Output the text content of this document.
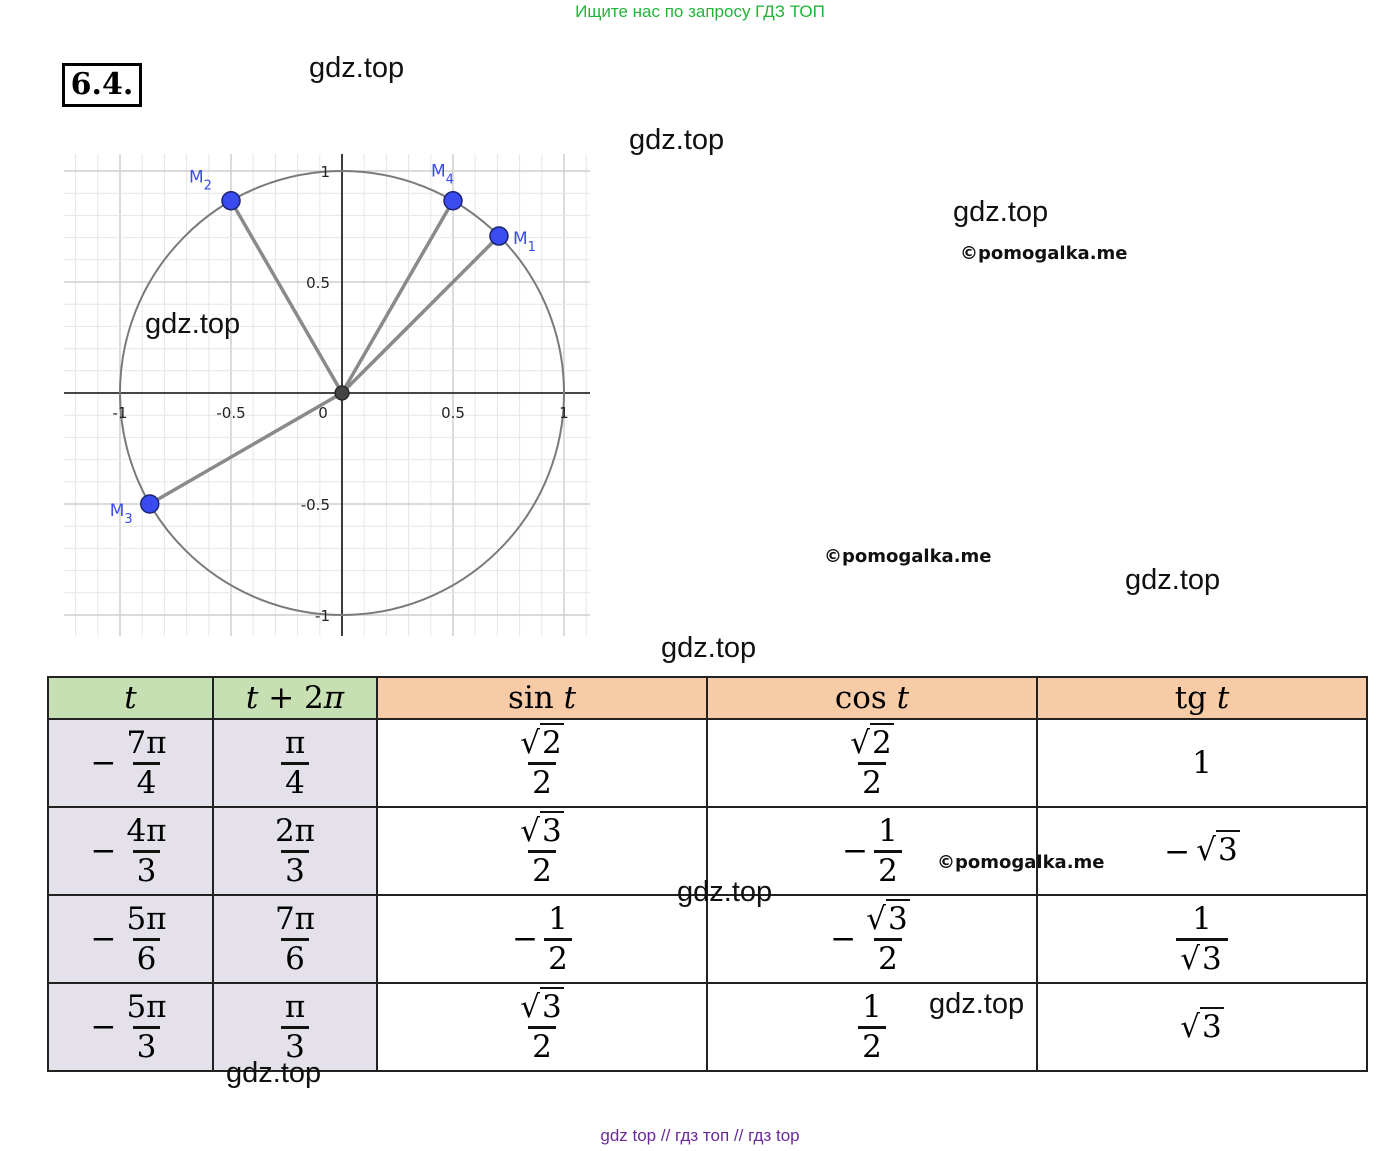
Ищите нас по запросу ГДЗ ТОП
6.4.
1
0.5
-0.5
-1
-1	-0.5	0	0.5	1
$M_1$
$M_2$
$M_3$
$M_4$
gdz.top
gdz.top
gdz.top
©pomogalka.me
gdz.top
©pomogalka.me
gdz.top
gdz.top
t	t + 2π	sin t	cos t	tg t
− $\frac{7\pi}{4}$	$\frac{\pi}{4}$	$\frac{√2}{2}$	$\frac{√2}{2}$	1
− $\frac{4\pi}{3}$	$\frac{2\pi}{3}$	$\frac{√3}{2}$	− $\frac{1}{2}$	− √3
− $\frac{5\pi}{6}$	$\frac{7\pi}{6}$	− $\frac{1}{2}$	− $\frac{√3}{2}$	$\frac{1}{√3}$

− $\frac{5\pi}{3}$	$\frac{\pi}{3}$	$\frac{√3}{2}$	$\frac{1}{2}$	√3
©pomogalka.me
gdz.top
gdz.top
gdz.top
gdz top // гдз топ // гдз top
